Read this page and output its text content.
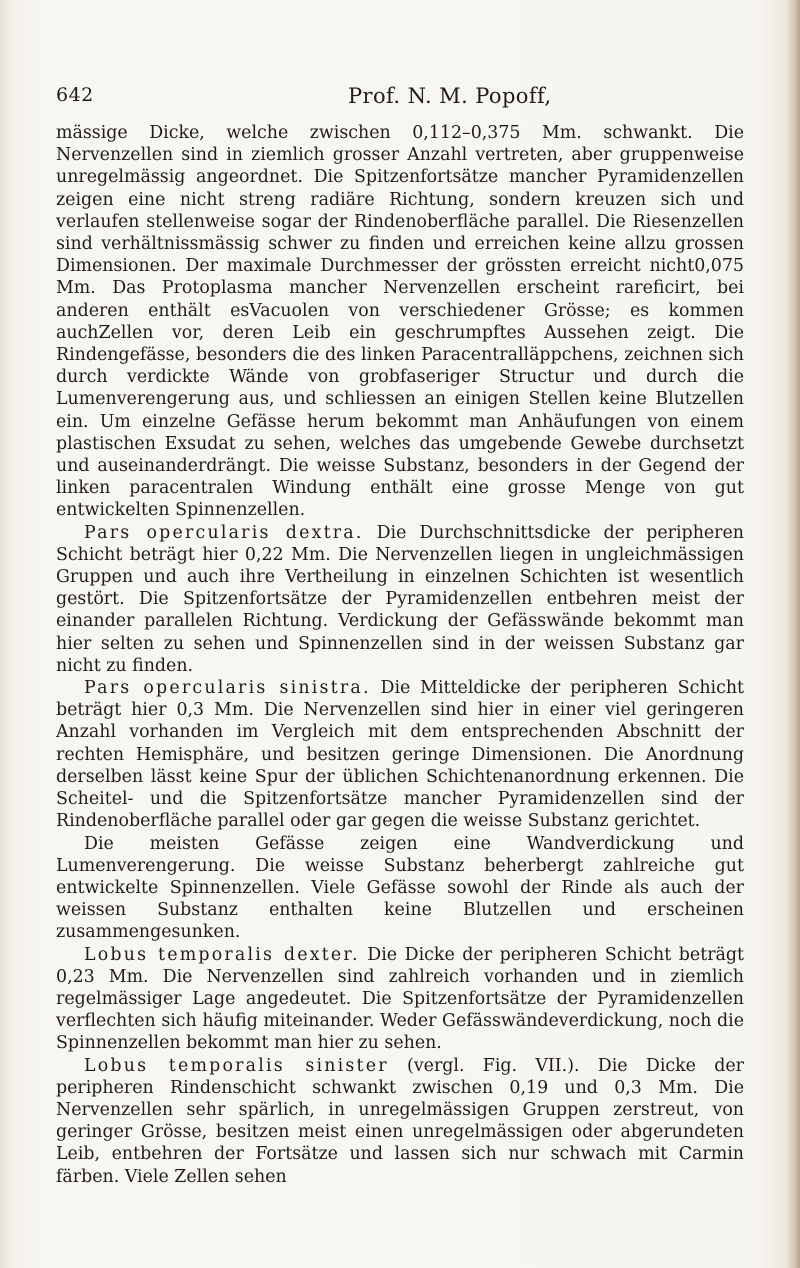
642	Prof. N. M. Popoff,

mässige Dicke, welche zwischen 0,112–0,375 Mm. schwankt. Die Nervenzellen sind in ziemlich grosser Anzahl vertreten, aber gruppenweise unregelmässig angeordnet. Die Spitzenfortsätze mancher Pyramidenzellen zeigen eine nicht streng radiäre Richtung, sondern kreuzen sich und verlaufen stellenweise sogar der Rindenoberfläche parallel. Die Riesenzellen sind verhältnissmässig schwer zu finden und erreichen keine allzu grossen Dimensionen. Der maximale Durchmesser der grössten erreicht nicht0,075 Mm. Das Protoplasma mancher Nervenzellen erscheint rareficirt, bei anderen enthält esVacuolen von verschiedener Grösse; es kommen auchZellen vor, deren Leib ein geschrumpftes Aussehen zeigt. Die Rindengefässe, besonders die des linken Paracentralläppchens, zeichnen sich durch verdickte Wände von grobfaseriger Structur und durch die Lumenverengerung aus, und schliessen an einigen Stellen keine Blutzellen ein. Um einzelne Gefässe herum bekommt man Anhäufungen von einem plastischen Exsudat zu sehen, welches das umgebende Gewebe durchsetzt und auseinanderdrängt. Die weisse Substanz, besonders in der Gegend der linken paracentralen Windung enthält eine grosse Menge von gut entwickelten Spinnenzellen.

Pars opercularis dextra. Die Durchschnittsdicke der peripheren Schicht beträgt hier 0,22 Mm. Die Nervenzellen liegen in ungleichmässigen Gruppen und auch ihre Vertheilung in einzelnen Schichten ist wesentlich gestört. Die Spitzenfortsätze der Pyramidenzellen entbehren meist der einander parallelen Richtung. Verdickung der Gefässwände bekommt man hier selten zu sehen und Spinnenzellen sind in der weissen Substanz gar nicht zu finden.

Pars opercularis sinistra. Die Mitteldicke der peripheren Schicht beträgt hier 0,3 Mm. Die Nervenzellen sind hier in einer viel geringeren Anzahl vorhanden im Vergleich mit dem entsprechenden Abschnitt der rechten Hemisphäre, und besitzen geringe Dimensionen. Die Anordnung derselben lässt keine Spur der üblichen Schichtenanordnung erkennen. Die Scheitel- und die Spitzenfortsätze mancher Pyramidenzellen sind der Rindenoberfläche parallel oder gar gegen die weisse Substanz gerichtet.

Die meisten Gefässe zeigen eine Wandverdickung und Lumenverengerung. Die weisse Substanz beherbergt zahlreiche gut entwickelte Spinnenzellen. Viele Gefässe sowohl der Rinde als auch der weissen Substanz enthalten keine Blutzellen und erscheinen zusammengesunken.

Lobus temporalis dexter. Die Dicke der peripheren Schicht beträgt 0,23 Mm. Die Nervenzellen sind zahlreich vorhanden und in ziemlich regelmässiger Lage angedeutet. Die Spitzenfortsätze der Pyramidenzellen verflechten sich häufig miteinander. Weder Gefässwändeverdickung, noch die Spinnenzellen bekommt man hier zu sehen.

Lobus temporalis sinister (vergl. Fig. VII.). Die Dicke der peripheren Rindenschicht schwankt zwischen 0,19 und 0,3 Mm. Die Nervenzellen sehr spärlich, in unregelmässigen Gruppen zerstreut, von geringer Grösse, besitzen meist einen unregelmässigen oder abgerundeten Leib, entbehren der Fortsätze und lassen sich nur schwach mit Carmin färben. Viele Zellen sehen
